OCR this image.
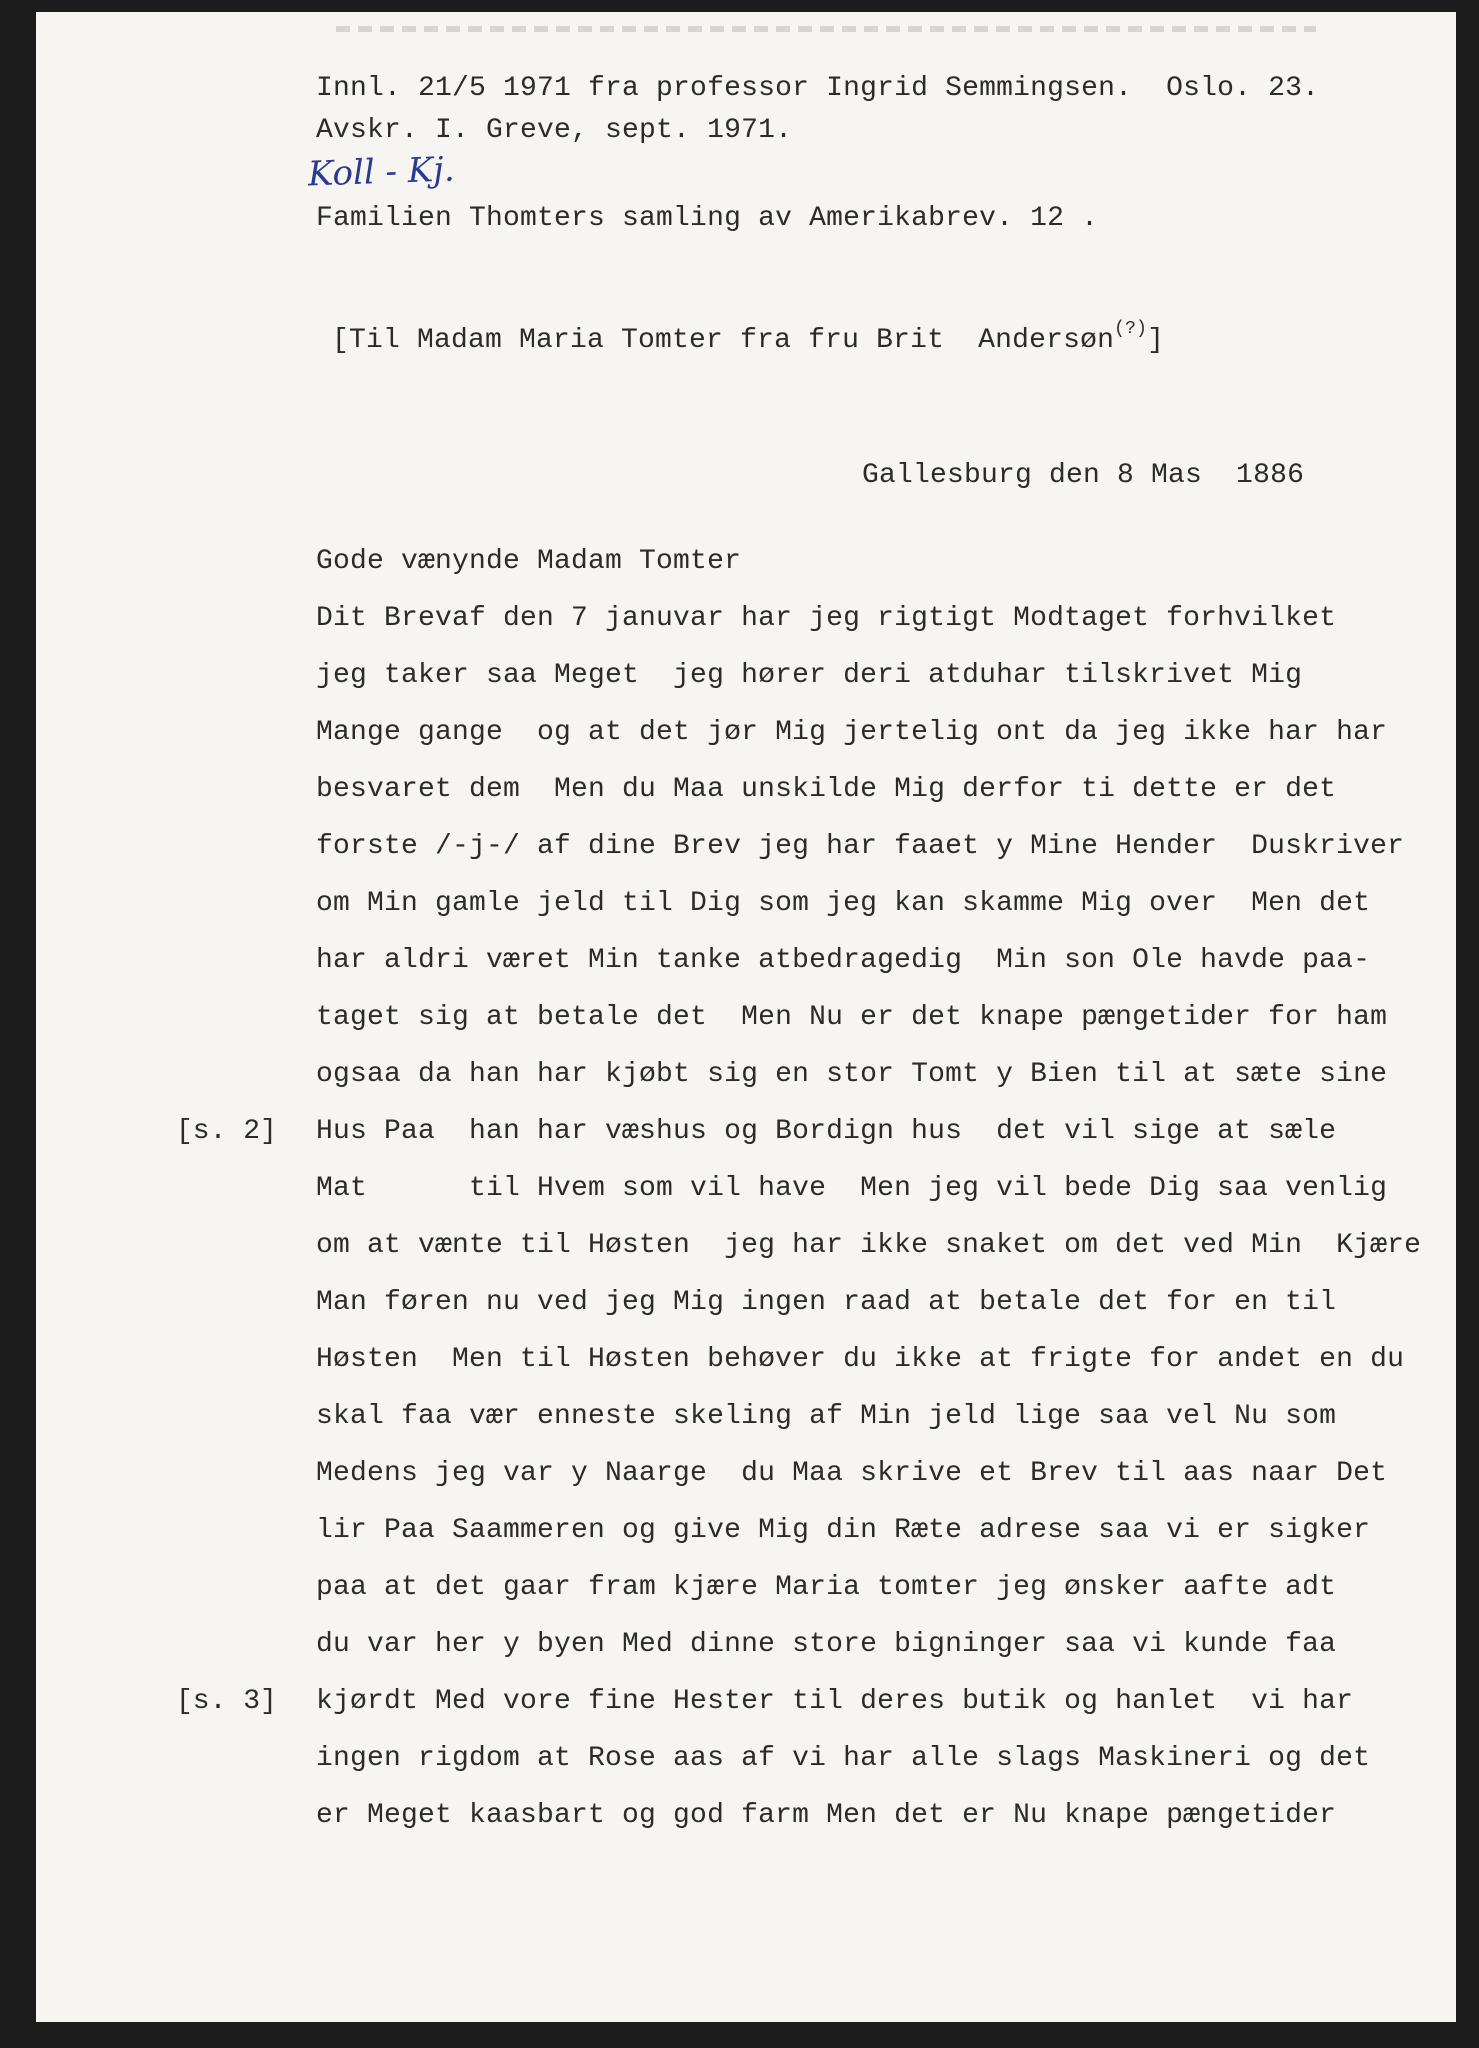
Innl. 21/5 1971 fra professor Ingrid Semmingsen.  Oslo. 23.

Avskr. I. Greve, sept. 1971.

Koll - Kj.

Familien Thomters samling av Amerikabrev. 12 .

[Til Madam Maria Tomter fra fru Brit  Andersøn(?)]

Gallesburg den 8 Mas  1886

Gode vænynde Madam Tomter

Dit Brevaf den 7 januvar har jeg rigtigt Modtaget forhvilket

jeg taker saa Meget  jeg hører deri atduhar tilskrivet Mig

Mange gange  og at det jør Mig jertelig ont da jeg ikke har har

besvaret dem  Men du Maa unskilde Mig derfor ti dette er det

forste /-j-/ af dine Brev jeg har faaet y Mine Hender  Duskriver

om Min gamle jeld til Dig som jeg kan skamme Mig over  Men det

har aldri været Min tanke atbedragedig  Min son Ole havde paa-

taget sig at betale det  Men Nu er det knape pængetider for ham

ogsaa da han har kjøbt sig en stor Tomt y Bien til at sæte sine

Hus Paa  han har væshus og Bordign hus  det vil sige at sæle

Mat      til Hvem som vil have  Men jeg vil bede Dig saa venlig

om at vænte til Høsten  jeg har ikke snaket om det ved Min  Kjære

Man føren nu ved jeg Mig ingen raad at betale det for en til

Høsten  Men til Høsten behøver du ikke at frigte for andet en du

skal faa vær enneste skeling af Min jeld lige saa vel Nu som

Medens jeg var y Naarge  du Maa skrive et Brev til aas naar Det

lir Paa Saammeren og give Mig din Ræte adrese saa vi er sigker

paa at det gaar fram kjære Maria tomter jeg ønsker aafte adt

du var her y byen Med dinne store bigninger saa vi kunde faa

kjørdt Med vore fine Hester til deres butik og hanlet  vi har

ingen rigdom at Rose aas af vi har alle slags Maskineri og det

er Meget kaasbart og god farm Men det er Nu knape pængetider

[s. 2]

[s. 3]
